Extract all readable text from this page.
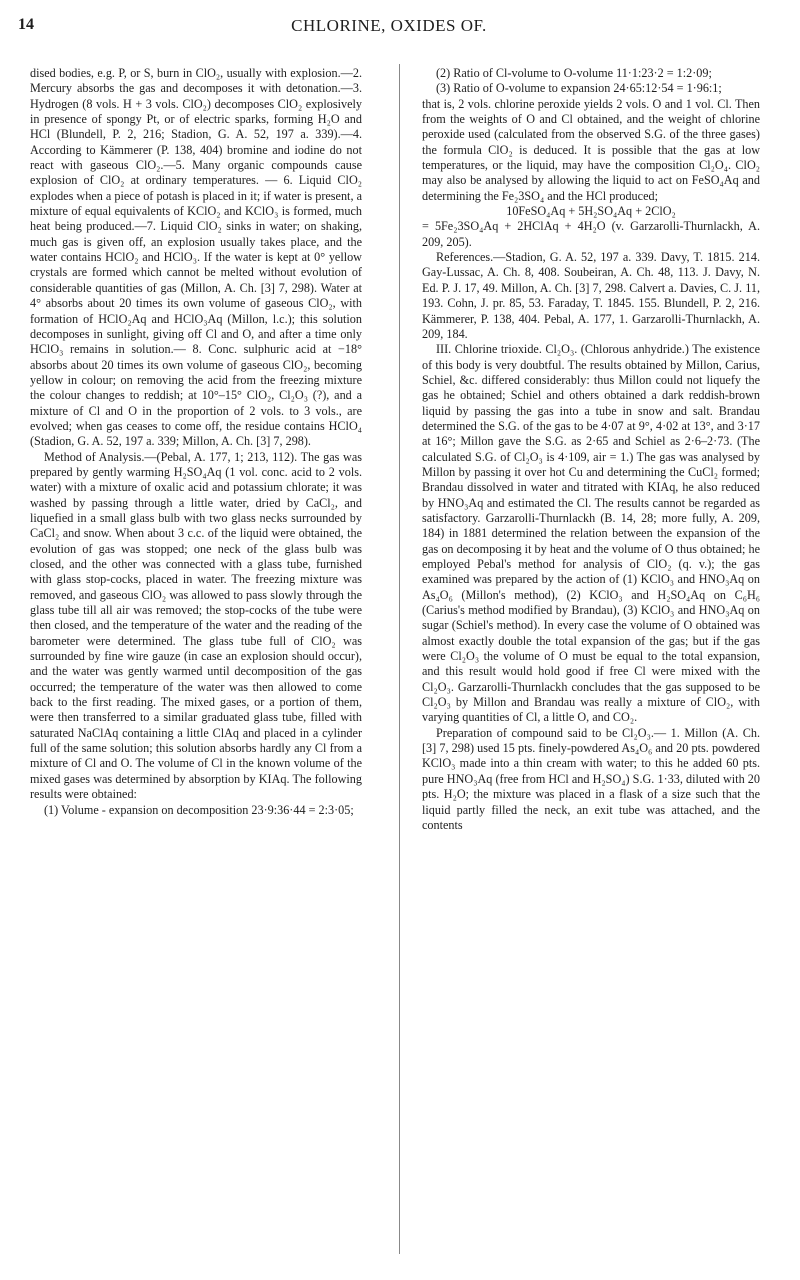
14	CHLORINE, OXIDES OF.

dised bodies, e.g. P, or S, burn in ClO₂, usually with explosion.—2. Mercury absorbs the gas and decomposes it with detonation.—3. Hydrogen (8 vols. H + 3 vols. ClO₂) decomposes ClO₂ explosively in presence of spongy Pt, or of electric sparks, forming H₂O and HCl (Blundell, P. 2, 216; Stadion, G. A. 52, 197 a. 339).—4. According to Kämmerer (P. 138, 404) bromine and iodine do not react with gaseous ClO₂.—5. Many organic compounds cause explosion of ClO₂ at ordinary temperatures. — 6. Liquid ClO₂ explodes when a piece of potash is placed in it; if water is present, a mixture of equal equivalents of KClO₂ and KClO₃ is formed, much heat being produced.—7. Liquid ClO₂ sinks in water; on shaking, much gas is given off, an explosion usually takes place, and the water contains HClO₂ and HClO₃. If the water is kept at 0° yellow crystals are formed which cannot be melted without evolution of considerable quantities of gas (Millon, A. Ch. [3] 7, 298). Water at 4° absorbs about 20 times its own volume of gaseous ClO₂, with formation of HClO₂Aq and HClO₃Aq (Millon, l.c.); this solution decomposes in sunlight, giving off Cl and O, and after a time only HClO₃ remains in solution.— 8. Conc. sulphuric acid at −18° absorbs about 20 times its own volume of gaseous ClO₂, becoming yellow in colour; on removing the acid from the freezing mixture the colour changes to reddish; at 10°–15° ClO₂, Cl₂O₃ (?), and a mixture of Cl and O in the proportion of 2 vols. to 3 vols., are evolved; when gas ceases to come off, the residue contains HClO₄ (Stadion, G. A. 52, 197 a. 339; Millon, A. Ch. [3] 7, 298).

Method of Analysis.—(Pebal, A. 177, 1; 213, 112). The gas was prepared by gently warming H₂SO₄Aq (1 vol. conc. acid to 2 vols. water) with a mixture of oxalic acid and potassium chlorate; it was washed by passing through a little water, dried by CaCl₂, and liquefied in a small glass bulb with two glass necks surrounded by CaCl₂ and snow. When about 3 c.c. of the liquid were obtained, the evolution of gas was stopped; one neck of the glass bulb was closed, and the other was connected with a glass tube, furnished with glass stop-cocks, placed in water. The freezing mixture was removed, and gaseous ClO₂ was allowed to pass slowly through the glass tube till all air was removed; the stop-cocks of the tube were then closed, and the temperature of the water and the reading of the barometer were determined. The glass tube full of ClO₂ was surrounded by fine wire gauze (in case an explosion should occur), and the water was gently warmed until decomposition of the gas occurred; the temperature of the water was then allowed to come back to the first reading. The mixed gases, or a portion of them, were then transferred to a similar graduated glass tube, filled with saturated NaClAq containing a little ClAq and placed in a cylinder full of the same solution; this solution absorbs hardly any Cl from a mixture of Cl and O. The volume of Cl in the known volume of the mixed gases was determined by absorption by KIAq. The following results were obtained:

(1) Volume - expansion on decomposition 23·9:36·44 = 2:3·05;

(2) Ratio of Cl-volume to O-volume 11·1:23·2 = 1:2·09;

(3) Ratio of O-volume to expansion 24·65:12·54 = 1·96:1;

that is, 2 vols. chlorine peroxide yields 2 vols. O and 1 vol. Cl. Then from the weights of O and Cl obtained, and the weight of chlorine peroxide used (calculated from the observed S.G. of the three gases) the formula ClO₂ is deduced. It is possible that the gas at low temperatures, or the liquid, may have the composition Cl₂O₄. ClO₂ may also be analysed by allowing the liquid to act on FeSO₄Aq and determining the Fe₂3SO₄ and the HCl produced;

10FeSO₄Aq + 5H₂SO₄Aq + 2ClO₂

= 5Fe₂3SO₄Aq + 2HClAq + 4H₂O (v. Garzarolli-Thurnlackh, A. 209, 205).

References.—Stadion, G. A. 52, 197 a. 339. Davy, T. 1815. 214. Gay-Lussac, A. Ch. 8, 408. Soubeiran, A. Ch. 48, 113. J. Davy, N. Ed. P. J. 17, 49. Millon, A. Ch. [3] 7, 298. Calvert a. Davies, C. J. 11, 193. Cohn, J. pr. 85, 53. Faraday, T. 1845. 155. Blundell, P. 2, 216. Kämmerer, P. 138, 404. Pebal, A. 177, 1. Garzarolli-Thurnlackh, A. 209, 184.

III. Chlorine trioxide. Cl₂O₃. (Chlorous anhydride.) The existence of this body is very doubtful. The results obtained by Millon, Carius, Schiel, &c. differed considerably: thus Millon could not liquefy the gas he obtained; Schiel and others obtained a dark reddish-brown liquid by passing the gas into a tube in snow and salt. Brandau determined the S.G. of the gas to be 4·07 at 9°, 4·02 at 13°, and 3·17 at 16°; Millon gave the S.G. as 2·65 and Schiel as 2·6–2·73. (The calculated S.G. of Cl₂O₃ is 4·109, air = 1.) The gas was analysed by Millon by passing it over hot Cu and determining the CuCl₂ formed; Brandau dissolved in water and titrated with KIAq, he also reduced by HNO₃Aq and estimated the Cl. The results cannot be regarded as satisfactory. Garzarolli-Thurnlackh (B. 14, 28; more fully, A. 209, 184) in 1881 determined the relation between the expansion of the gas on decomposing it by heat and the volume of O thus obtained; he employed Pebal's method for analysis of ClO₂ (q. v.); the gas examined was prepared by the action of (1) KClO₃ and HNO₃Aq on As₄O₆ (Millon's method), (2) KClO₃ and H₂SO₄Aq on C₆H₆ (Carius's method modified by Brandau), (3) KClO₃ and HNO₃Aq on sugar (Schiel's method). In every case the volume of O obtained was almost exactly double the total expansion of the gas; but if the gas were Cl₂O₃ the volume of O must be equal to the total expansion, and this result would hold good if free Cl were mixed with the Cl₂O₃. Garzarolli-Thurnlackh concludes that the gas supposed to be Cl₂O₃ by Millon and Brandau was really a mixture of ClO₂, with varying quantities of Cl, a little O, and CO₂.

Preparation of compound said to be Cl₂O₃.— 1. Millon (A. Ch. [3] 7, 298) used 15 pts. finely-powdered As₄O₆ and 20 pts. powdered KClO₃ made into a thin cream with water; to this he added 60 pts. pure HNO₃Aq (free from HCl and H₂SO₄) S.G. 1·33, diluted with 20 pts. H₂O; the mixture was placed in a flask of a size such that the liquid partly filled the neck, an exit tube was attached, and the contents
